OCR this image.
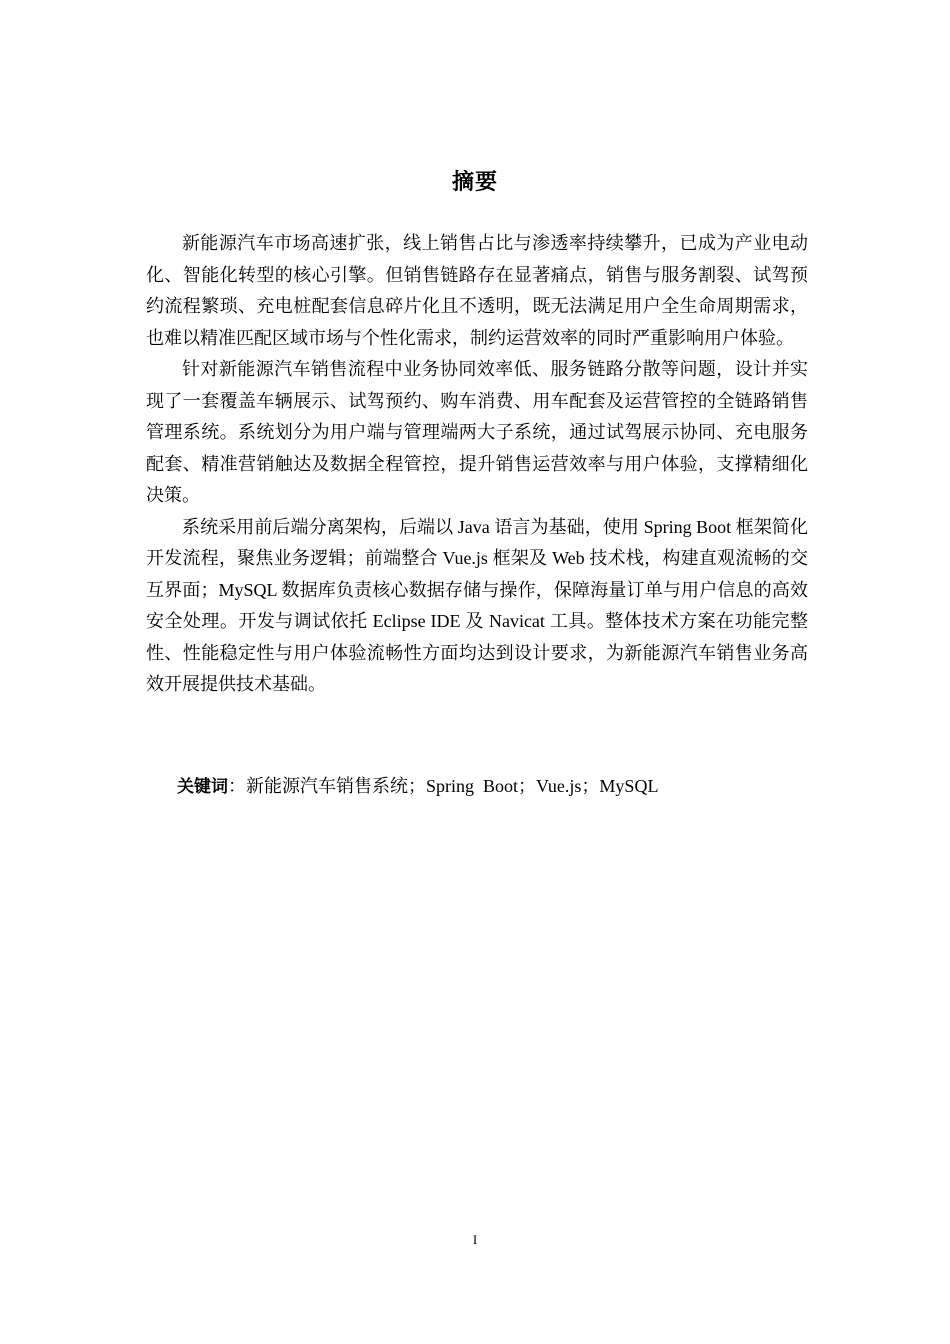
摘要

新能源汽车市场高速扩张，线上销售占比与渗透率持续攀升，已成为产业电动化、智能化转型的核心引擎。但销售链路存在显著痛点，销售与服务割裂、试驾预约流程繁琐、充电桩配套信息碎片化且不透明，既无法满足用户全生命周期需求，也难以精准匹配区域市场与个性化需求，制约运营效率的同时严重影响用户体验。

针对新能源汽车销售流程中业务协同效率低、服务链路分散等问题，设计并实现了一套覆盖车辆展示、试驾预约、购车消费、用车配套及运营管控的全链路销售管理系统。系统划分为用户端与管理端两大子系统，通过试驾展示协同、充电服务配套、精准营销触达及数据全程管控，提升销售运营效率与用户体验，支撑精细化决策。

系统采用前后端分离架构，后端以 Java 语言为基础，使用 Spring Boot 框架简化开发流程，聚焦业务逻辑；前端整合 Vue.js 框架及 Web 技术栈，构建直观流畅的交互界面；MySQL 数据库负责核心数据存储与操作，保障海量订单与用户信息的高效安全处理。开发与调试依托 Eclipse IDE 及 Navicat 工具。整体技术方案在功能完整性、性能稳定性与用户体验流畅性方面均达到设计要求，为新能源汽车销售业务高效开展提供技术基础。

关键词：新能源汽车销售系统；Spring  Boot；Vue.js；MySQL
I
